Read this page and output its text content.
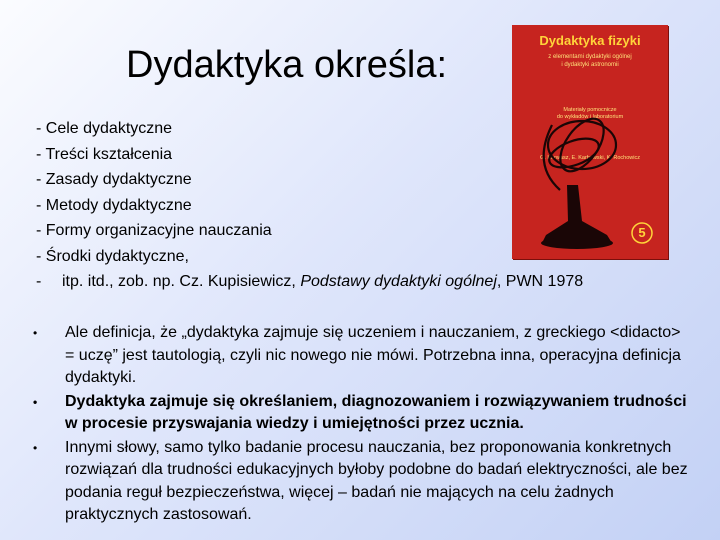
Dydaktyka określa:
Dydaktyka fizyki
z elementami dydaktyki ogólnej
i dydaktyki astronomii
Materiały pomocnicze
do wykładów i laboratorium
G. Karwasz, E. Karbowski, K. Rochowicz
5
- Cele dydaktyczne
- Treści kształcenia
- Zasady dydaktyczne
- Metody dydaktyczne
- Formy organizacyjne nauczania
- Środki dydaktyczne,
- itp. itd., zob. np. Cz. Kupisiewicz, Podstawy dydaktyki ogólnej, PWN 1978
• Ale definicja, że „dydaktyka zajmuje się uczeniem i nauczaniem, z greckiego <didacto> = uczę” jest tautologią, czyli nic nowego nie mówi. Potrzebna inna, operacyjna definicja dydaktyki.
• Dydaktyka zajmuje się określaniem, diagnozowaniem i rozwiązywaniem trudności w procesie przyswajania wiedzy i umiejętności przez ucznia.
• Innymi słowy, samo tylko badanie procesu nauczania, bez proponowania konkretnych rozwiązań dla trudności edukacyjnych byłoby podobne do badań elektryczności, ale bez podania reguł bezpieczeństwa, więcej – badań nie mających na celu żadnych praktycznych zastosowań.
